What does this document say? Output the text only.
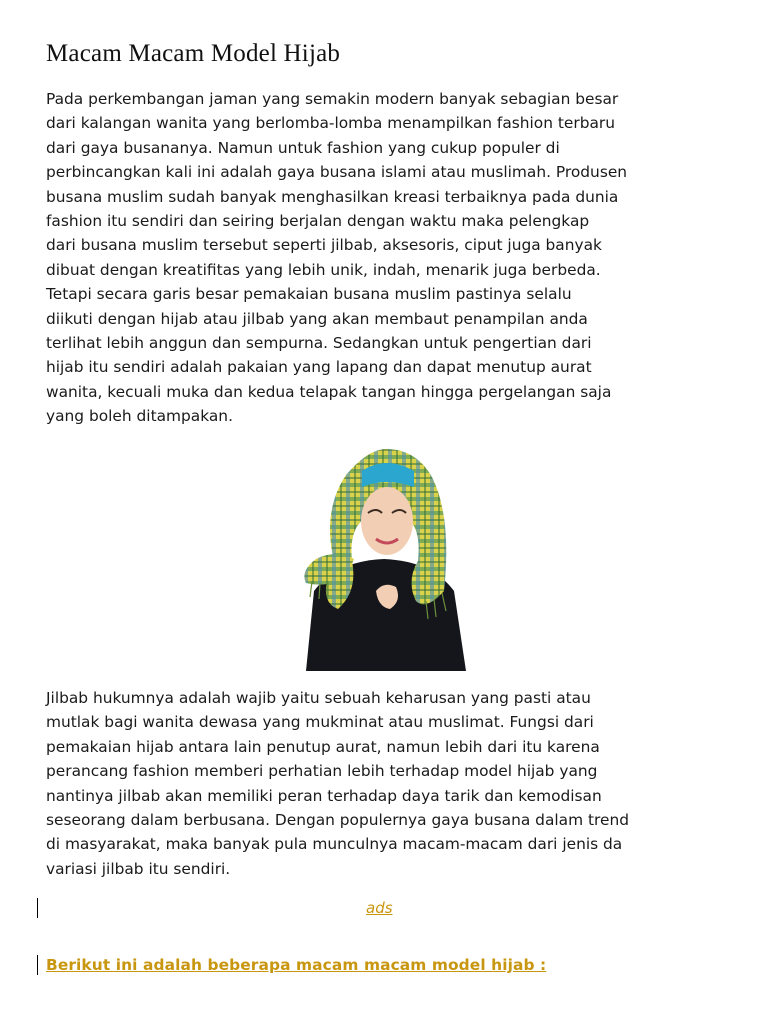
Macam Macam Model Hijab

Pada perkembangan jaman yang semakin modern banyak sebagian besar
dari kalangan wanita yang berlomba-lomba menampilkan fashion terbaru
dari gaya busananya. Namun untuk fashion yang cukup populer di
perbincangkan kali ini adalah gaya busana islami atau muslimah. Produsen
busana muslim sudah banyak menghasilkan kreasi terbaiknya pada dunia
fashion itu sendiri dan seiring berjalan dengan waktu maka pelengkap
dari busana muslim tersebut seperti jilbab, aksesoris, ciput juga banyak
dibuat dengan kreatifitas yang lebih unik, indah, menarik juga berbeda.
Tetapi secara garis besar pemakaian busana muslim pastinya selalu
diikuti dengan hijab atau jilbab yang akan membaut penampilan anda
terlihat lebih anggun dan sempurna. Sedangkan untuk pengertian dari
hijab itu sendiri adalah pakaian yang lapang dan dapat menutup aurat
wanita, kecuali muka dan kedua telapak tangan hingga pergelangan saja
yang boleh ditampakan.

Jilbab hukumnya adalah wajib yaitu sebuah keharusan yang pasti atau
mutlak bagi wanita dewasa yang mukminat atau muslimat. Fungsi dari
pemakaian hijab antara lain penutup aurat, namun lebih dari itu karena
perancang fashion memberi perhatian lebih terhadap model hijab yang
nantinya jilbab akan memiliki peran terhadap daya tarik dan kemodisan
seseorang dalam berbusana. Dengan populernya gaya busana dalam trend
di masyarakat, maka banyak pula munculnya macam-macam dari jenis da
variasi jilbab itu sendiri.

ads
Berikut ini adalah beberapa macam macam model hijab :
